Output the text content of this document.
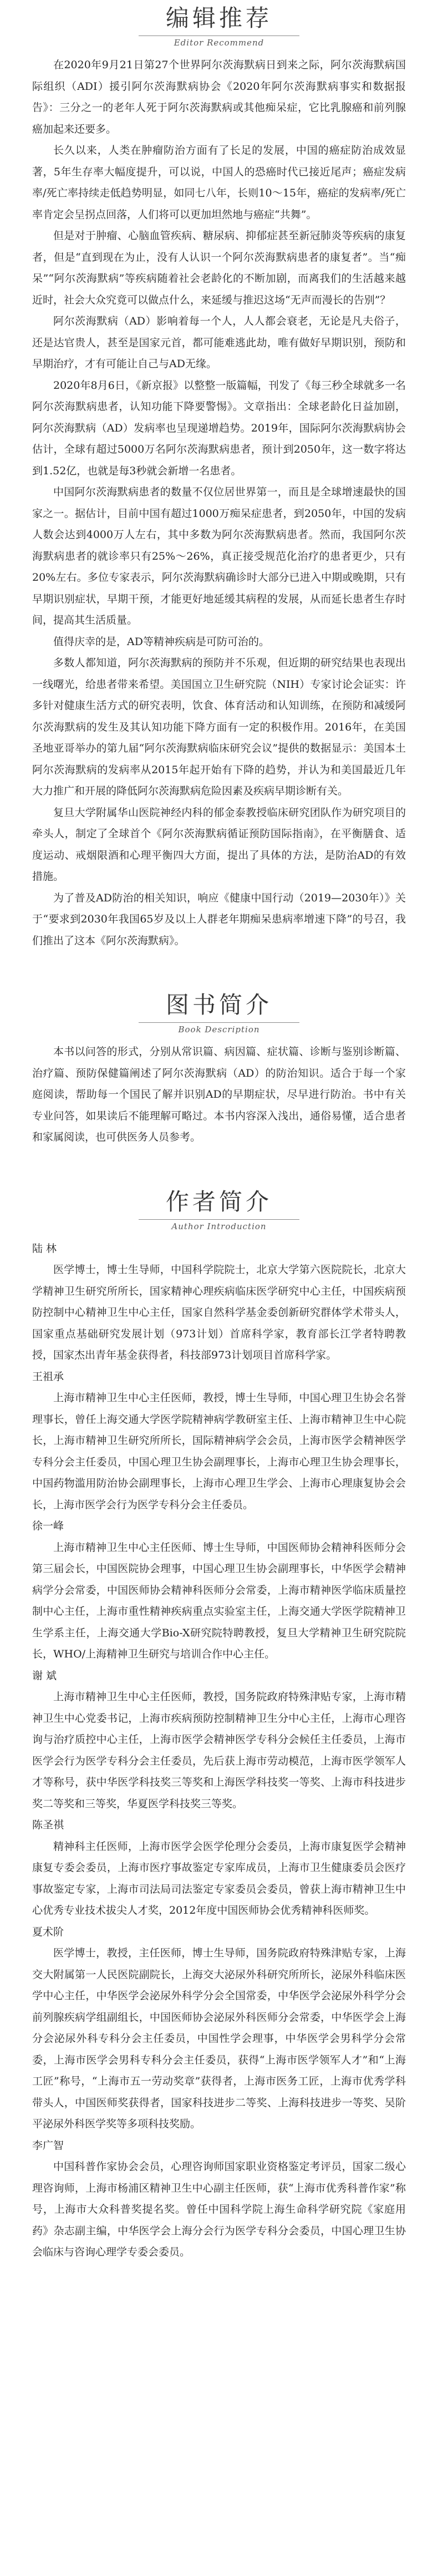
编辑推荐
Editor Recommend

在2020年9月21日第27个世界阿尔茨海默病日到来之际，阿尔茨海默病国际组织（ADI）援引阿尔茨海默病协会《2020年阿尔茨海默病事实和数据报告》：三分之一的老年人死于阿尔茨海默病或其他痴呆症，它比乳腺癌和前列腺癌加起来还要多。

长久以来，人类在肿瘤防治方面有了长足的发展，中国的癌症防治成效显著，5年生存率大幅度提升，可以说，中国人的恐癌时代已接近尾声；癌症发病率/死亡率持续走低趋势明显，如同七八年，长则10～15年，癌症的发病率/死亡率肯定会呈拐点回落，人们将可以更加坦然地与癌症“共舞”。

但是对于肿瘤、心脑血管疾病、糖尿病、抑郁症甚至新冠肺炎等疾病的康复者，但是“直到现在为止，没有人认识一个阿尔茨海默病患者的康复者”。当“痴呆”“阿尔茨海默病”等疾病随着社会老龄化的不断加剧，而离我们的生活越来越近时，社会大众究竟可以做点什么，来延缓与推迟这场“无声而漫长的告别”？

阿尔茨海默病（AD）影响着每一个人，人人都会衰老，无论是凡夫俗子，还是达官贵人，甚至是国家元首，都可能难逃此劫，唯有做好早期识别，预防和早期治疗，才有可能让自己与AD无缘。

2020年8月6日，《新京报》以整整一版篇幅，刊发了《每三秒全球就多一名阿尔茨海默病患者，认知功能下降要警惕》。文章指出：全球老龄化日益加剧，阿尔茨海默病（AD）发病率也呈现递增趋势。2019年，国际阿尔茨海默病协会估计，全球有超过5000万名阿尔茨海默病患者，预计到2050年，这一数字将达到1.52亿，也就是每3秒就会新增一名患者。

中国阿尔茨海默病患者的数量不仅位居世界第一，而且是全球增速最快的国家之一。据估计，目前中国有超过1000万痴呆症患者，到2050年，中国的发病人数会达到4000万人左右，其中多数为阿尔茨海默病患者。然而，我国阿尔茨海默病患者的就诊率只有25%～26%，真正接受规范化治疗的患者更少，只有20%左右。多位专家表示，阿尔茨海默病确诊时大部分已进入中期或晚期，只有早期识别症状，早期干预，才能更好地延缓其病程的发展，从而延长患者生存时间，提高其生活质量。

值得庆幸的是，AD等精神疾病是可防可治的。

多数人都知道，阿尔茨海默病的预防并不乐观，但近期的研究结果也表现出一线曙光，给患者带来希望。美国国立卫生研究院（NIH）专家讨论会证实：许多针对健康生活方式的研究表明，饮食、体育活动和认知训练，在预防和减缓阿尔茨海默病的发生及其认知功能下降方面有一定的积极作用。2016年，在美国圣地亚哥举办的第九届“阿尔茨海默病临床研究会议”提供的数据显示：美国本土阿尔茨海默病的发病率从2015年起开始有下降的趋势，并认为和美国最近几年大力推广和开展的降低阿尔茨海默病危险因素及疾病早期诊断有关。

复旦大学附属华山医院神经内科的郁金泰教授临床研究团队作为研究项目的牵头人，制定了全球首个《阿尔茨海默病循证预防国际指南》，在平衡膳食、适度运动、戒烟限酒和心理平衡四大方面，提出了具体的方法，是防治AD的有效措施。

为了普及AD防治的相关知识，响应《健康中国行动（2019—2030年）》关于“要求到2030年我国65岁及以上人群老年期痴呆患病率增速下降”的号召，我们推出了这本《阿尔茨海默病》。

图书简介
Book Description

本书以问答的形式，分别从常识篇、病因篇、症状篇、诊断与鉴别诊断篇、治疗篇、预防保健篇阐述了阿尔茨海默病（AD）的防治知识。适合于每一个家庭阅读，帮助每一个国民了解并识别AD的早期症状，尽早进行防治。书中有关专业问答，如果读后不能理解可略过。本书内容深入浅出，通俗易懂，适合患者和家属阅读，也可供医务人员参考。

作者简介
Author Introduction

陆 林

医学博士，博士生导师，中国科学院院士，北京大学第六医院院长，北京大学精神卫生研究所所长，国家精神心理疾病临床医学研究中心主任，中国疾病预防控制中心精神卫生中心主任，国家自然科学基金委创新研究群体学术带头人，国家重点基础研究发展计划（973计划）首席科学家，教育部长江学者特聘教授，国家杰出青年基金获得者，科技部973计划项目首席科学家。

王祖承

上海市精神卫生中心主任医师，教授，博士生导师，中国心理卫生协会名誉理事长，曾任上海交通大学医学院精神病学教研室主任、上海市精神卫生中心院长，上海市精神卫生研究所所长，国际精神病学会会员，上海市医学会精神医学专科分会主任委员，中国心理卫生协会副理事长，上海市心理卫生协会理事长，中国药物滥用防治协会副理事长，上海市心理卫生学会、上海市心理康复协会会长，上海市医学会行为医学专科分会主任委员。

徐一峰

上海市精神卫生中心主任医师、博士生导师，中国医师协会精神科医师分会第三届会长，中国医院协会理事，中国心理卫生协会副理事长，中华医学会精神病学分会常委，中国医师协会精神科医师分会常委，上海市精神医学临床质量控制中心主任，上海市重性精神疾病重点实验室主任，上海交通大学医学院精神卫生学系主任，上海交通大学Bio-X研究院特聘教授，复旦大学精神卫生研究院院长，WHO/上海精神卫生研究与培训合作中心主任。

谢 斌

上海市精神卫生中心主任医师，教授，国务院政府特殊津贴专家，上海市精神卫生中心党委书记，上海市疾病预防控制精神卫生分中心主任，上海市心理咨询与治疗质控中心主任，上海市医学会精神医学专科分会候任主任委员，上海市医学会行为医学专科分会主任委员，先后获上海市劳动模范，上海市医学领军人才等称号，获中华医学科技奖三等奖和上海医学科技奖一等奖、上海市科技进步奖二等奖和三等奖，华夏医学科技奖三等奖。

陈圣祺

精神科主任医师，上海市医学会医学伦理分会委员，上海市康复医学会精神康复专委会委员，上海市医疗事故鉴定专家库成员，上海市卫生健康委员会医疗事故鉴定专家，上海市司法局司法鉴定专家委员会委员，曾获上海市精神卫生中心优秀专业技术拔尖人才奖，2012年度中国医师协会优秀精神科医师奖。

夏术阶

医学博士，教授，主任医师，博士生导师，国务院政府特殊津贴专家，上海交大附属第一人民医院副院长，上海交大泌尿外科研究所所长，泌尿外科临床医学中心主任，中华医学会泌尿外科学分会全国常委，中华医学会泌尿外科学分会前列腺疾病学组副组长，中国医师协会泌尿外科医师分会常委，中华医学会上海分会泌尿外科专科分会主任委员，中国性学会理事，中华医学会男科学分会常委，上海市医学会男科专科分会主任委员，获得“上海市医学领军人才”和“上海工匠”称号，“上海市五一劳动奖章”获得者，上海市医务工匠，上海市优秀学科带头人，中国医师奖获得者，国家科技进步二等奖、上海科技进步一等奖、吴阶平泌尿外科医学奖等多项科技奖励。

李广智

中国科普作家协会会员，心理咨询师国家职业资格鉴定考评员，国家二级心理咨询师，上海市杨浦区精神卫生中心副主任医师，获“上海市优秀科普作家”称号，上海市大众科普奖提名奖。曾任中国科学院上海生命科学研究院《家庭用药》杂志副主编，中华医学会上海分会行为医学专科分会委员，中国心理卫生协会临床与咨询心理学专委会委员。
